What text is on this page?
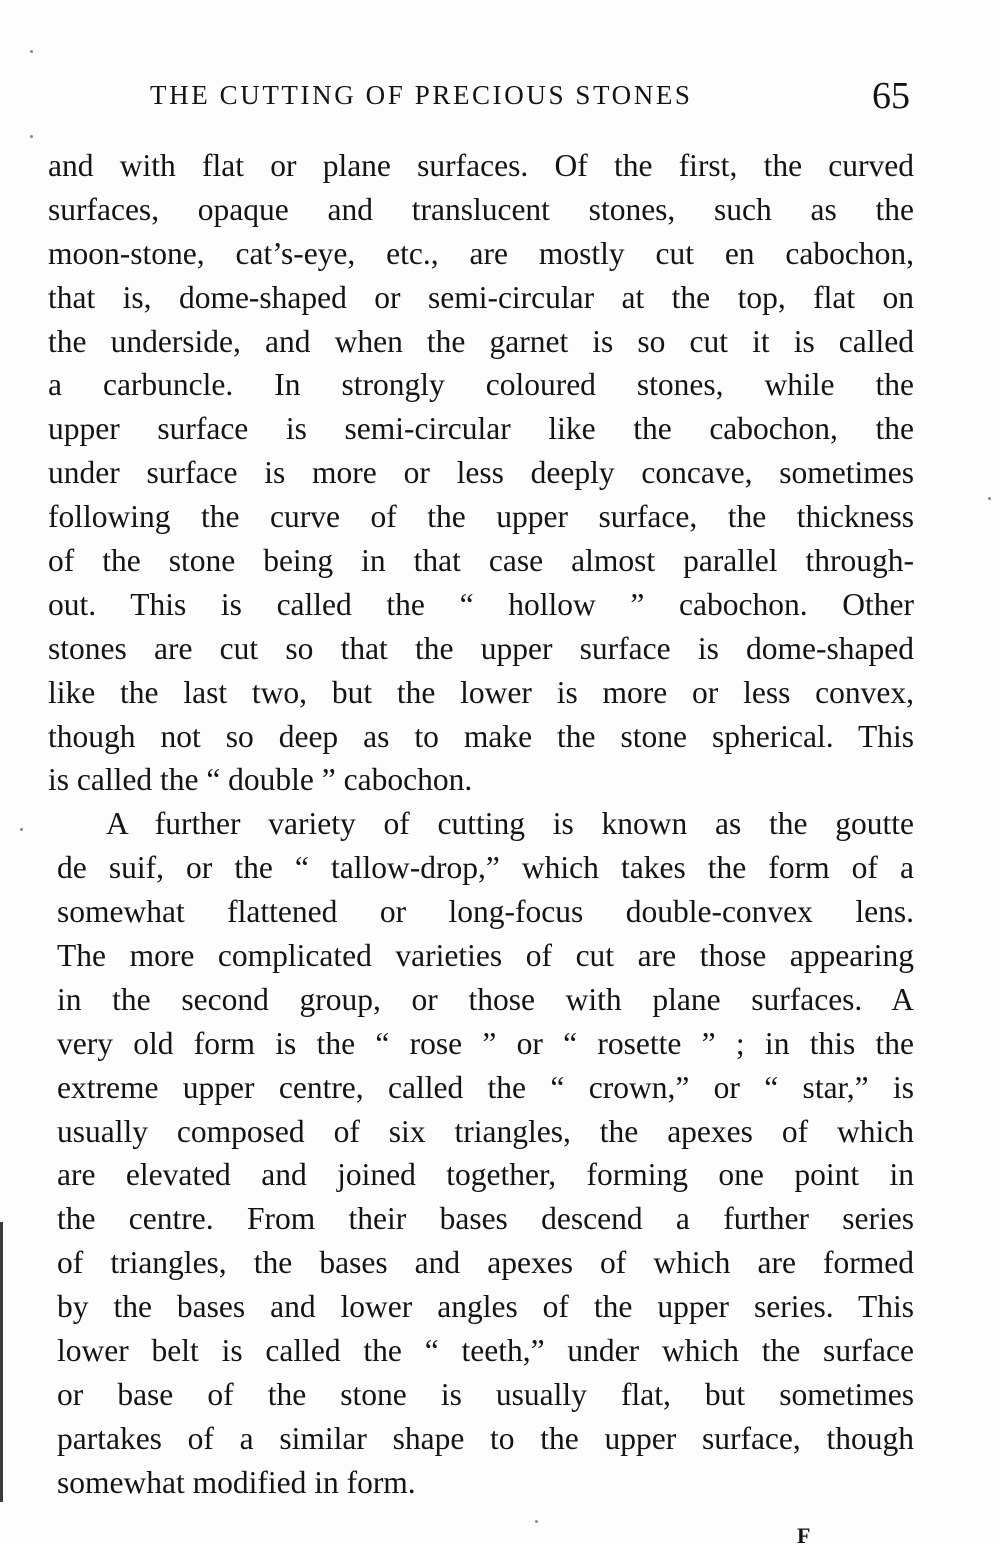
THE CUTTING OF PRECIOUS STONES	65
and with flat or plane surfaces. Of the first, the curved
surfaces, opaque and translucent stones, such as the
moon-stone, cat’s-eye, etc., are mostly cut en cabochon,
that is, dome-shaped or semi-circular at the top, flat on
the underside, and when the garnet is so cut it is called
a carbuncle. In strongly coloured stones, while the
upper surface is semi-circular like the cabochon, the
under surface is more or less deeply concave, sometimes
following the curve of the upper surface, the thickness
of the stone being in that case almost parallel through-
out. This is called the “ hollow ” cabochon. Other
stones are cut so that the upper surface is dome-shaped
like the last two, but the lower is more or less convex,
though not so deep as to make the stone spherical. This
is called the “ double ” cabochon.
A further variety of cutting is known as the goutte
de suif, or the “ tallow-drop,” which takes the form of a
somewhat flattened or long-focus double-convex lens.
The more complicated varieties of cut are those appearing
in the second group, or those with plane surfaces. A
very old form is the “ rose ” or “ rosette ” ; in this the
extreme upper centre, called the “ crown,” or “ star,” is
usually composed of six triangles, the apexes of which
are elevated and joined together, forming one point in
the centre. From their bases descend a further series
of triangles, the bases and apexes of which are formed
by the bases and lower angles of the upper series. This
lower belt is called the “ teeth,” under which the surface
or base of the stone is usually flat, but sometimes
partakes of a similar shape to the upper surface, though
somewhat modified in form.
F
